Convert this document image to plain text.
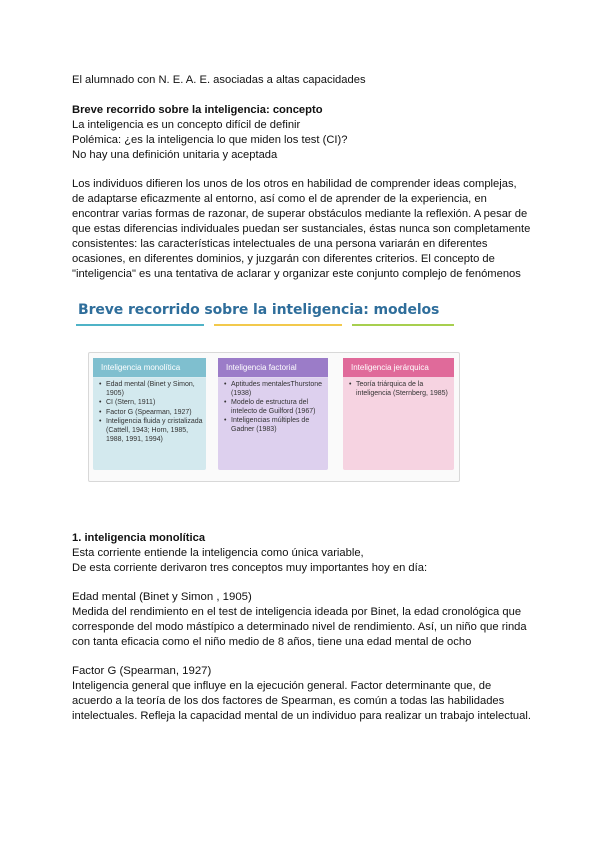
El alumnado con N. E. A. E. asociadas a altas capacidades
Breve recorrido sobre la inteligencia: concepto
La inteligencia es un concepto difícil de definir
Polémica: ¿es la inteligencia lo que miden los test (CI)?
No hay una definición unitaria y aceptada
Los individuos difieren los unos de los otros en habilidad de comprender ideas complejas,
de adaptarse eficazmente al entorno, así como el de aprender de la experiencia, en
encontrar varias formas de razonar, de superar obstáculos mediante la reflexión. A pesar de
que estas diferencias individuales puedan ser sustanciales, éstas nunca son completamente
consistentes: las características intelectuales de una persona variarán en diferentes
ocasiones, en diferentes dominios, y juzgarán con diferentes criterios. El concepto de
"inteligencia" es una tentativa de aclarar y organizar este conjunto complejo de fenómenos
Breve recorrido sobre la inteligencia: modelos
Inteligencia monolítica
• Edad mental (Binet y Simon, 1905)
• CI (Stern, 1911)
• Factor G (Spearman, 1927)
• Inteligencia fluida y cristalizada (Cattell, 1943; Horn, 1985, 1988, 1991, 1994)
Inteligencia factorial
• Aptitudes mentalesThurstone (1938)
• Modelo de estructura del intelecto de Guilford (1967)
• Inteligencias múltiples de Gadner (1983)
Inteligencia jerárquica
• Teoría triárquica de la inteligencia (Sternberg, 1985)
1. inteligencia monolítica
Esta corriente entiende la inteligencia como única variable,
De esta corriente derivaron tres conceptos muy importantes hoy en día:
Edad mental (Binet y Simon , 1905)
Medida del rendimiento en el test de inteligencia ideada por Binet, la edad cronológica que
corresponde del modo mástípico a determinado nivel de rendimiento. Así, un niño que rinda
con tanta eficacia como el niño medio de 8 años, tiene una edad mental de ocho
Factor G (Spearman, 1927)
Inteligencia general que influye en la ejecución general. Factor determinante que, de
acuerdo a la teoría de los dos factores de Spearman, es común a todas las habilidades
intelectuales. Refleja la capacidad mental de un individuo para realizar un trabajo intelectual.
